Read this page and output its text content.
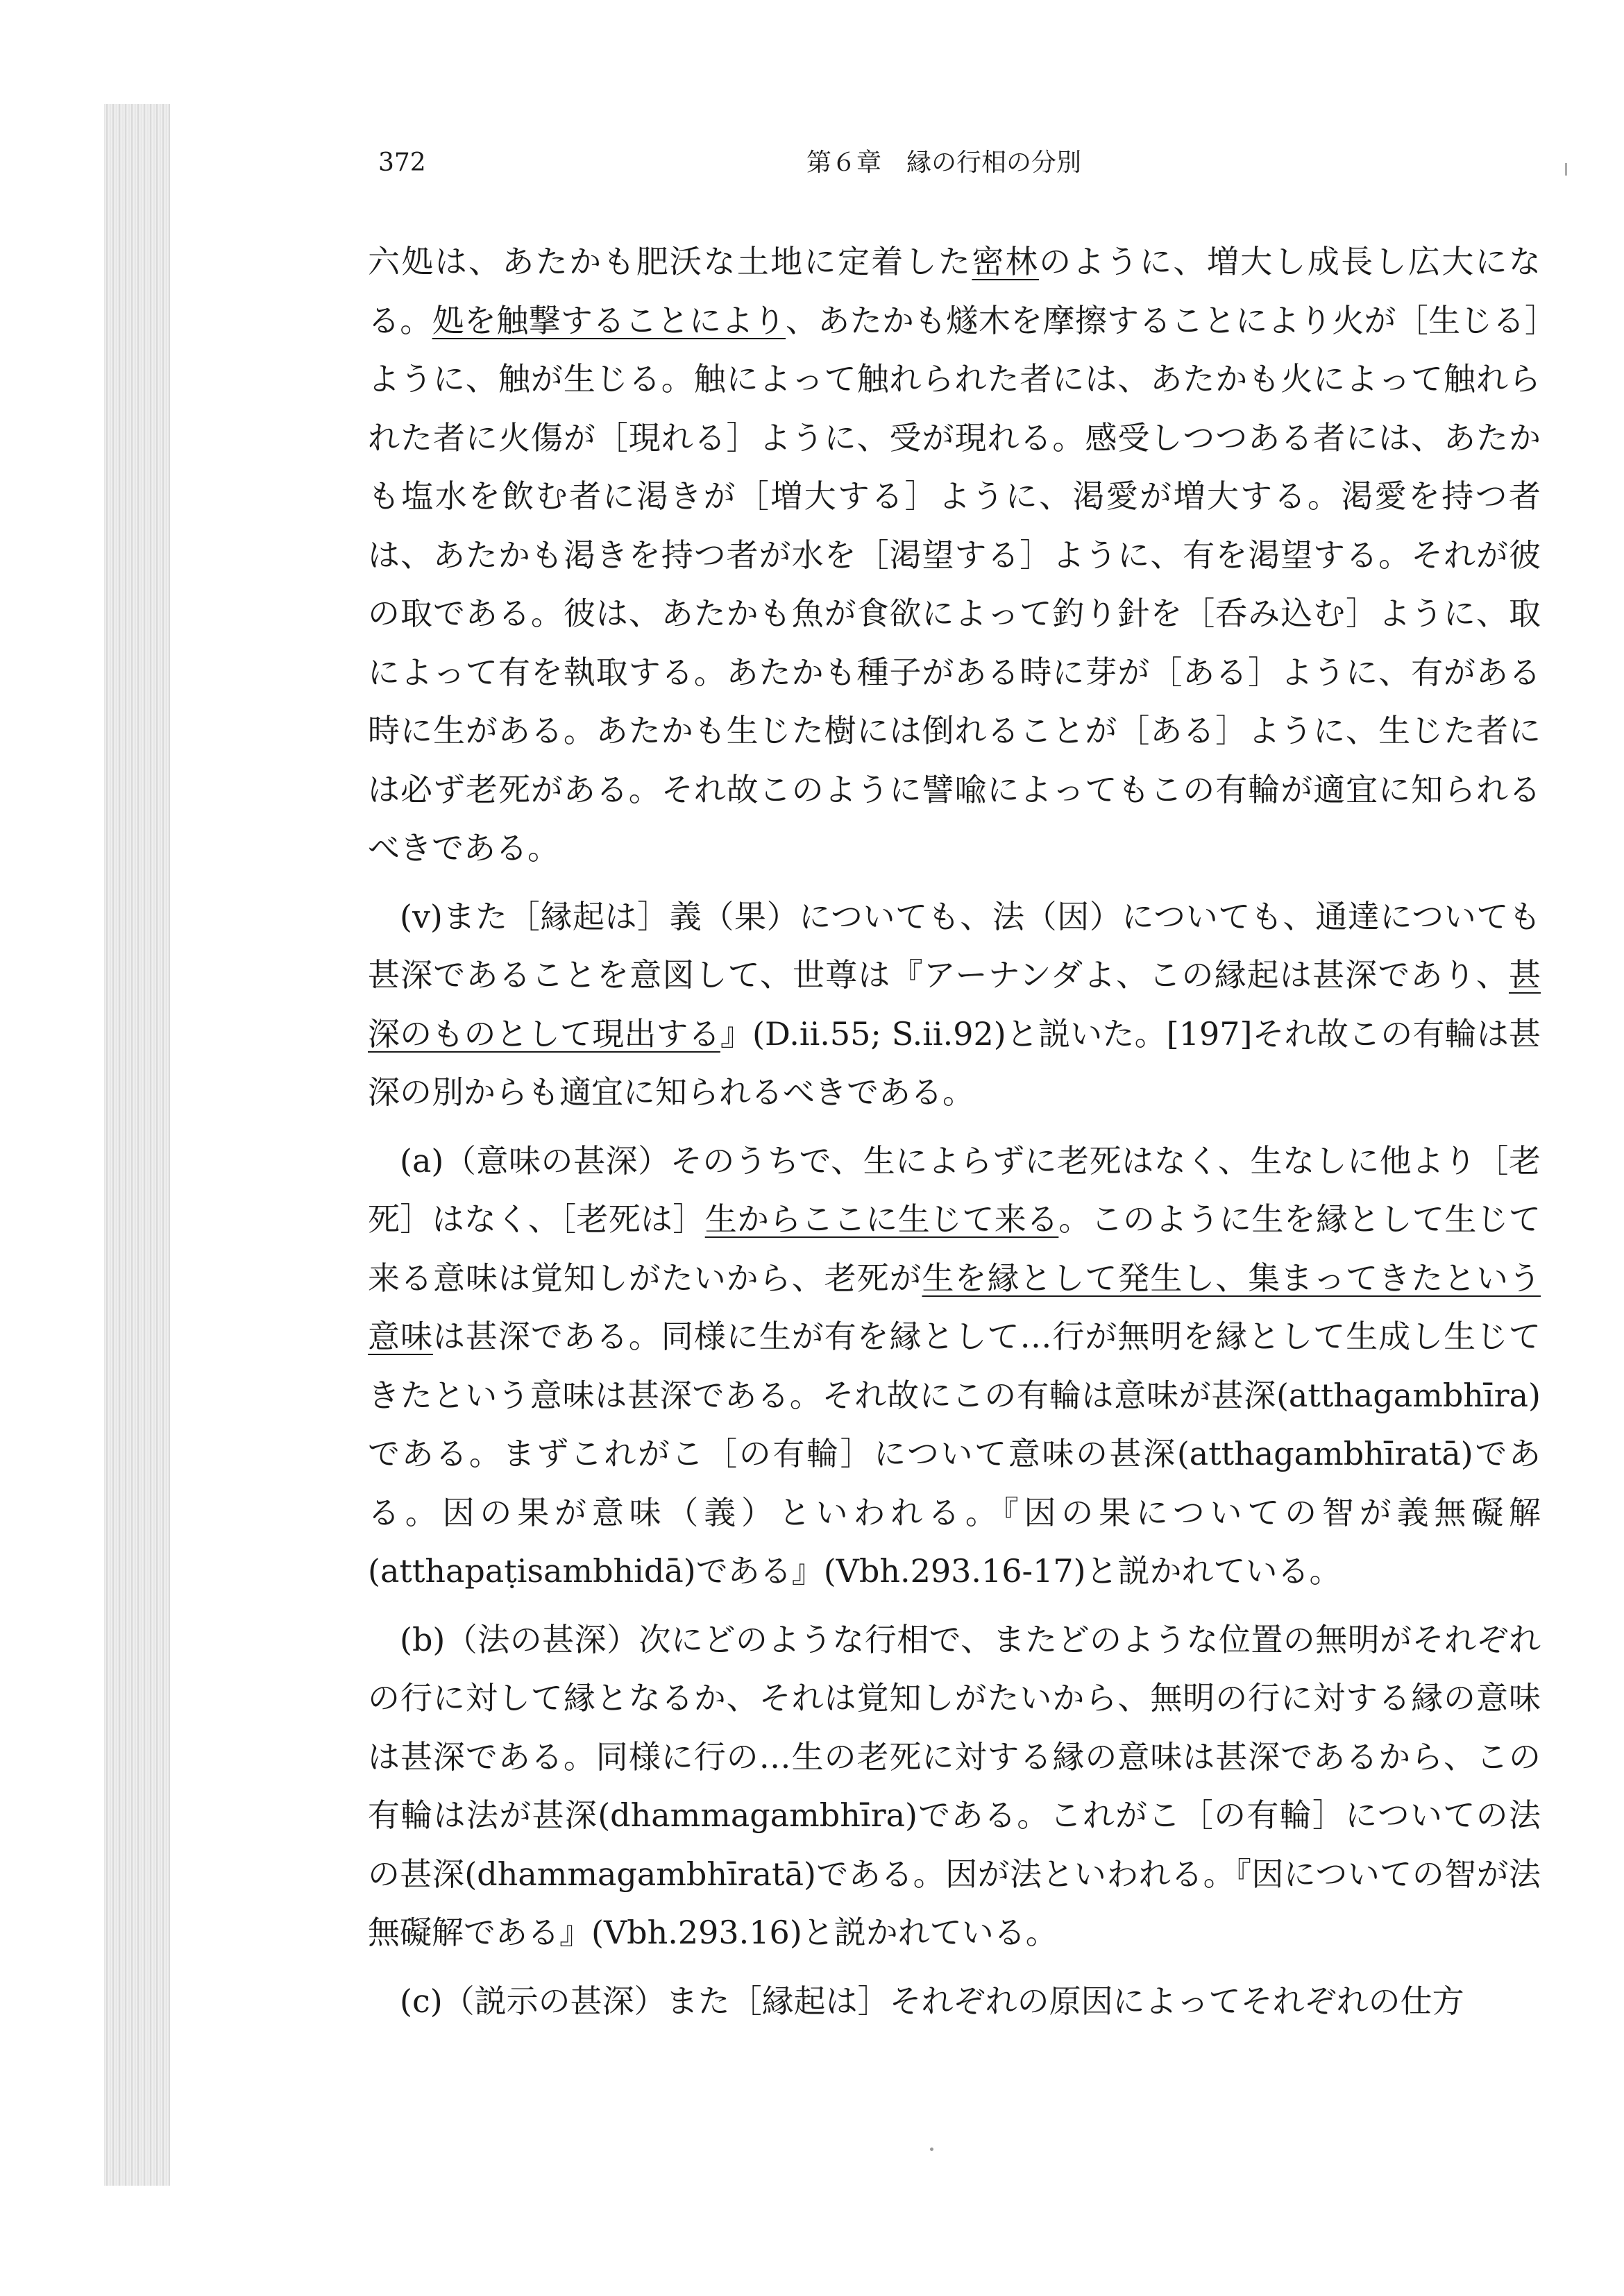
372	第６章　縁の行相の分別

六処は、あたかも肥沃な土地に定着した密林のように、増大し成長し広大になる。処を触撃することにより、あたかも燧木を摩擦することにより火が［生じる］ように、触が生じる。触によって触れられた者には、あたかも火によって触れられた者に火傷が［現れる］ように、受が現れる。感受しつつある者には、あたかも塩水を飲む者に渇きが［増大する］ように、渇愛が増大する。渇愛を持つ者は、あたかも渇きを持つ者が水を［渇望する］ように、有を渇望する。それが彼の取である。彼は、あたかも魚が食欲によって釣り針を［呑み込む］ように、取によって有を執取する。あたかも種子がある時に芽が［ある］ように、有がある時に生がある。あたかも生じた樹には倒れることが［ある］ように、生じた者には必ず老死がある。それ故このように譬喩によってもこの有輪が適宜に知られるべきである。

(v)また［縁起は］義（果）についても、法（因）についても、通達についても甚深であることを意図して、世尊は『アーナンダよ、この縁起は甚深であり、甚深のものとして現出する』(D.ii.55; S.ii.92)と説いた。[197]それ故この有輪は甚深の別からも適宜に知られるべきである。

(a)（意味の甚深）そのうちで、生によらずに老死はなく、生なしに他より［老死］はなく、［老死は］生からここに生じて来る。このように生を縁として生じて来る意味は覚知しがたいから、老死が生を縁として発生し、集まってきたという意味は甚深である。同様に生が有を縁として…行が無明を縁として生成し生じてきたという意味は甚深である。それ故にこの有輪は意味が甚深(atthagambhīra)である。まずこれがこ［の有輪］について意味の甚深(atthagambhīratā)である。因の果が意味（義）といわれる。『因の果についての智が義無礙解(atthapaṭisambhidā)である』(Vbh.293.16-17)と説かれている。

(b)（法の甚深）次にどのような行相で、またどのような位置の無明がそれぞれの行に対して縁となるか、それは覚知しがたいから、無明の行に対する縁の意味は甚深である。同様に行の…生の老死に対する縁の意味は甚深であるから、この有輪は法が甚深(dhammagambhīra)である。これがこ［の有輪］についての法の甚深(dhammagambhīratā)である。因が法といわれる。『因についての智が法無礙解である』(Vbh.293.16)と説かれている。

(c)（説示の甚深）また［縁起は］それぞれの原因によってそれぞれの仕方
